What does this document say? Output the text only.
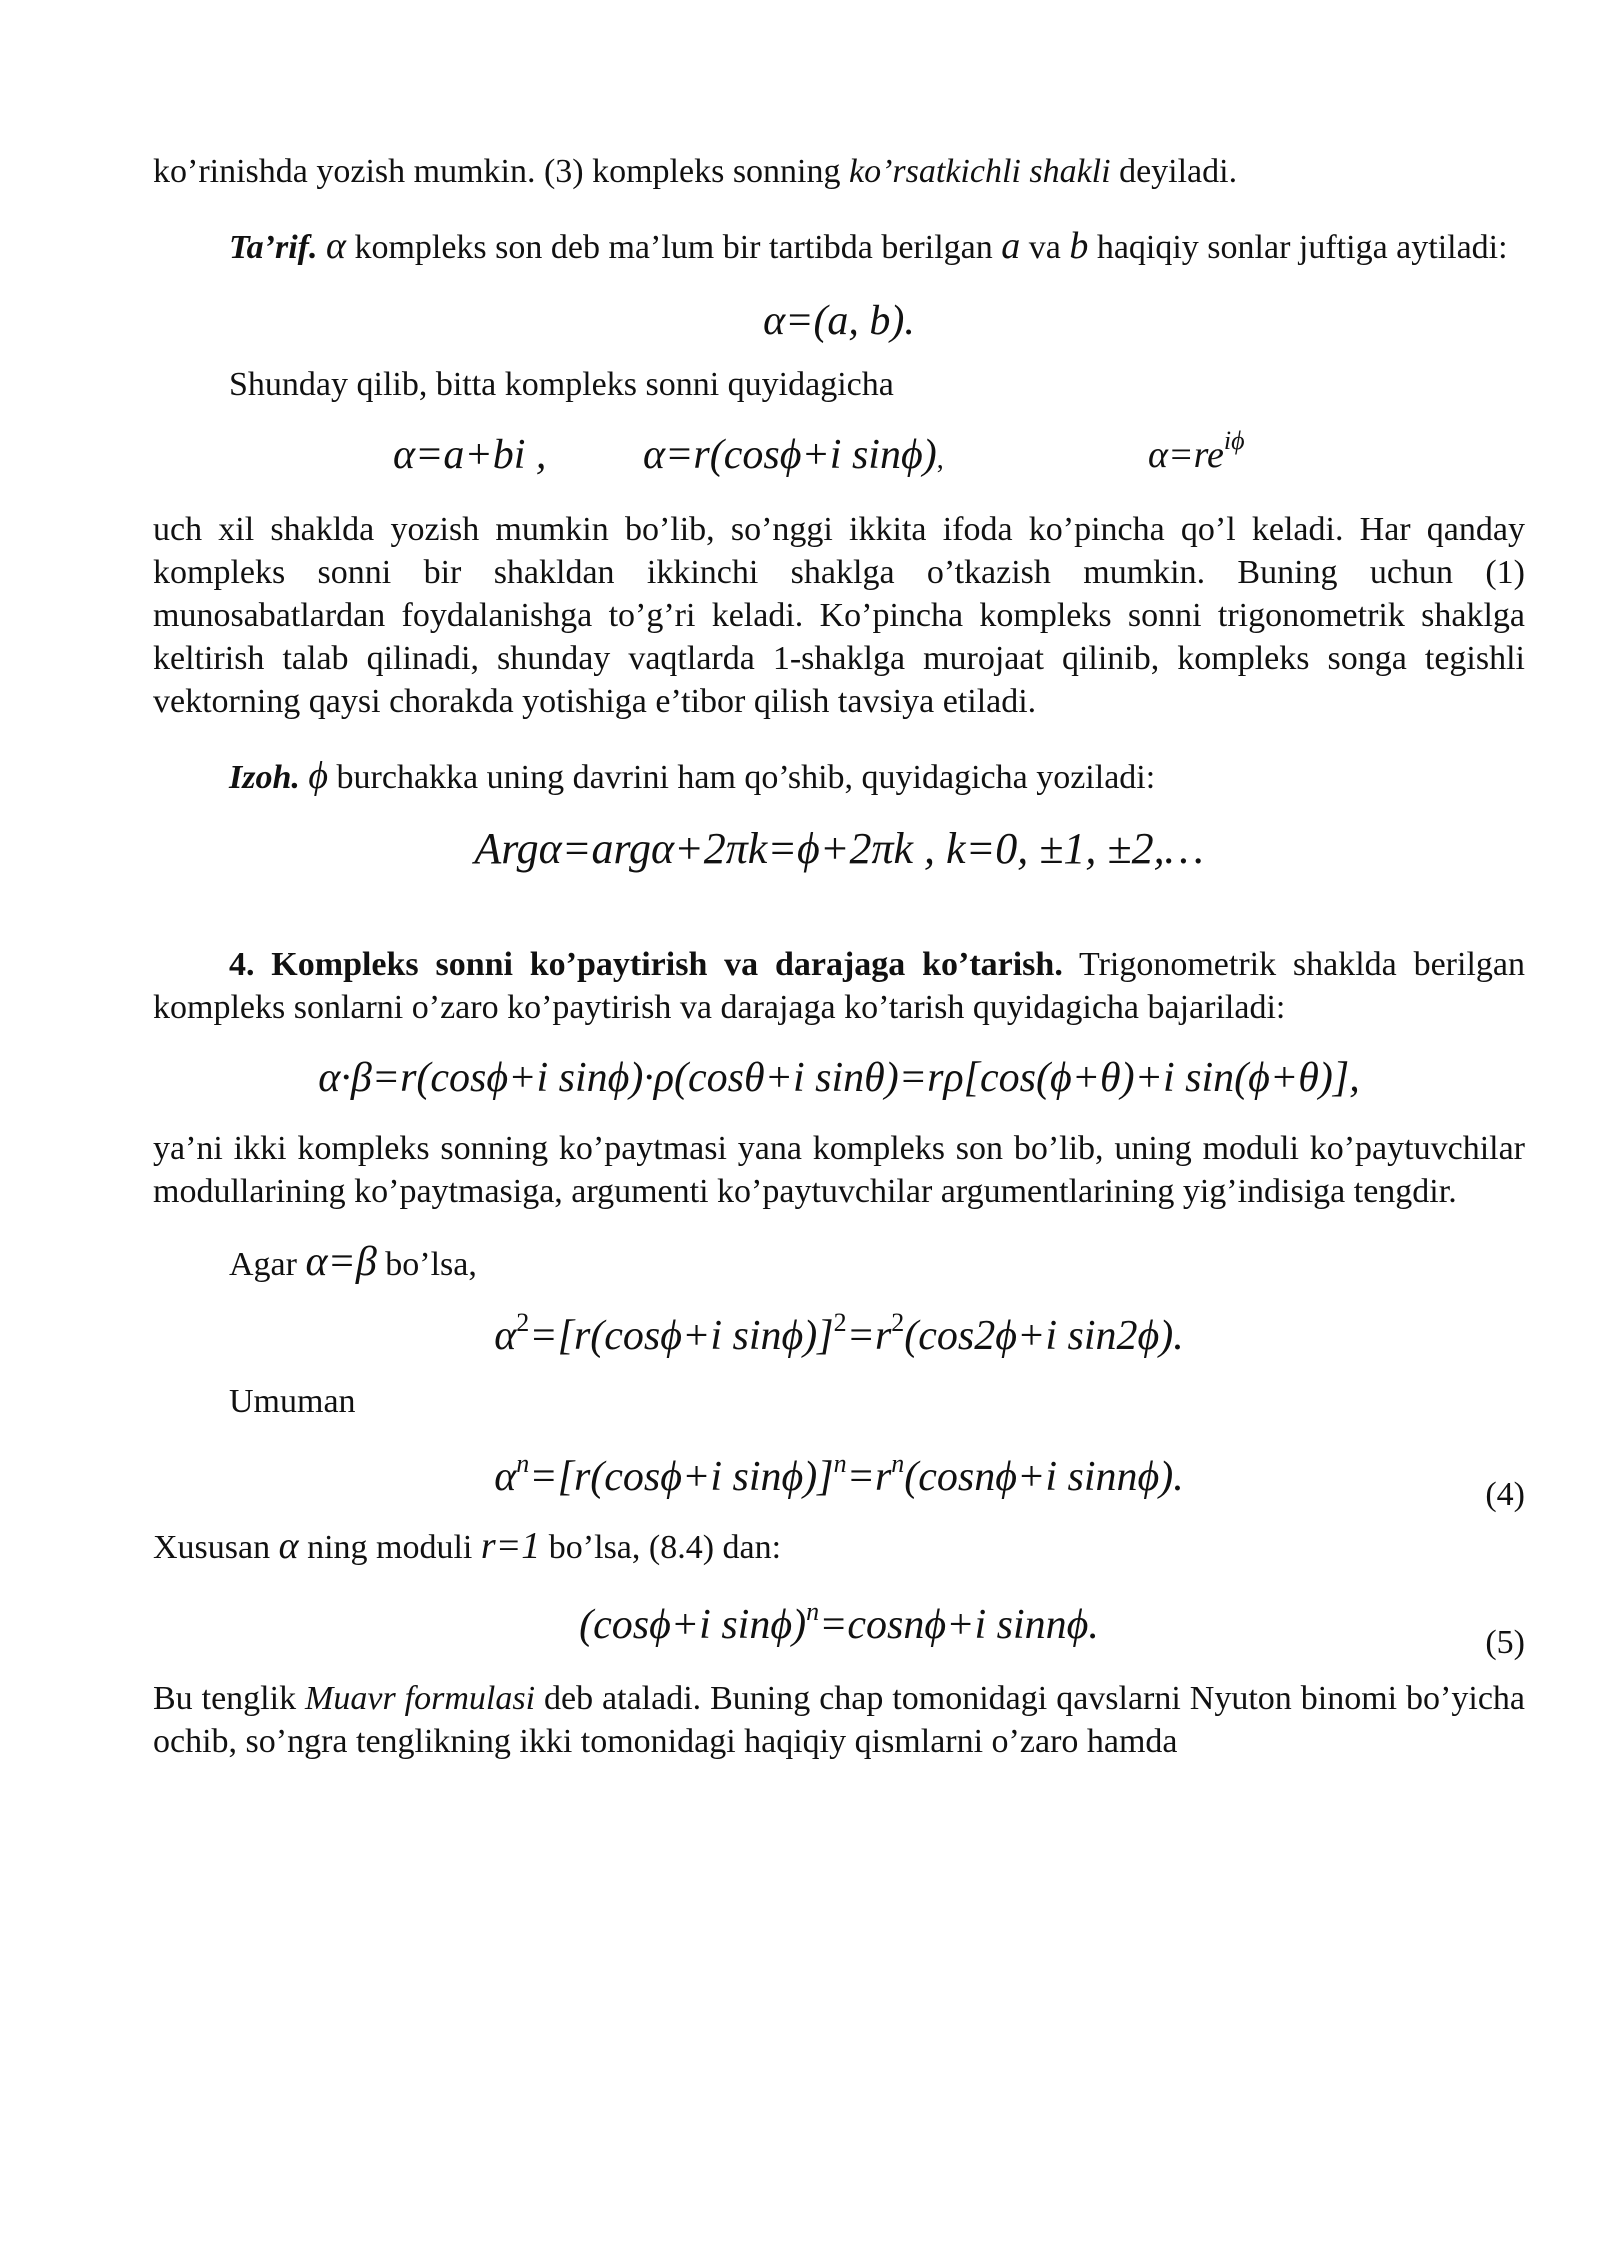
ko’rinishda yozish mumkin. (3) kompleks sonning ko’rsatkichli shakli deyiladi.

Ta’rif. α kompleks son deb ma’lum bir tartibda berilgan a va b haqiqiy sonlar juftiga aytiladi:

α=(a, b).

Shunday qilib, bitta kompleks sonni quyidagicha

α=a+bi , α=r(cosϕ+i sinϕ),	$\alpha=re^{i\phi}$

uch xil shaklda yozish mumkin bo’lib, so’nggi ikkita ifoda ko’pincha qo’l keladi. Har qanday kompleks sonni bir shakldan ikkinchi shaklga o’tkazish mumkin. Buning uchun (1) munosabatlardan foydalanishga to’g’ri keladi. Ko’pincha kompleks sonni trigonometrik shaklga keltirish talab qilinadi, shunday vaqtlarda 1-shaklga murojaat qilinib, kompleks songa tegishli vektorning qaysi chorakda yotishiga e’tibor qilish tavsiya etiladi.

Izoh. ϕ burchakka uning davrini ham qo’shib, quyidagicha yoziladi:

Argα=argα+2πk=ϕ+2πk , k=0, ±1, ±2,…

4. Kompleks sonni ko’paytirish va darajaga ko’tarish. Trigonometrik shaklda berilgan kompleks sonlarni o’zaro ko’paytirish va darajaga ko’tarish quyidagicha bajariladi:

α·β=r(cosϕ+i sinϕ)·ρ(cosθ+i sinθ)=rρ[cos(ϕ+θ)+i sin(ϕ+θ)],

ya’ni ikki kompleks sonning ko’paytmasi yana kompleks son bo’lib, uning moduli ko’paytuvchilar modullarining ko’paytmasiga, argumenti ko’paytuvchilar argumentlarining yig’indisiga tengdir.

Agar α=β bo’lsa,

$\alpha^2=[r(\cos\phi+i$ $\sin\phi)]^2=r^2(\cos 2\phi+i$ sin2ϕ).

Umuman

$\alpha^n=[r(\cos\phi+i$ $\sin\phi)]^n=r^n(\cos n\phi+i$ sinnϕ).	(4)

Xususan α ning moduli r=1 bo’lsa, (8.4) dan:

(cosϕ+i sinϕ)$^n$=cosnϕ+i sinnϕ.	(5)

Bu tenglik Muavr formulasi deb ataladi. Buning chap tomonidagi qavslarni Nyuton binomi bo’yicha ochib, so’ngra tenglikning ikki tomonidagi haqiqiy qismlarni o’zaro hamda
